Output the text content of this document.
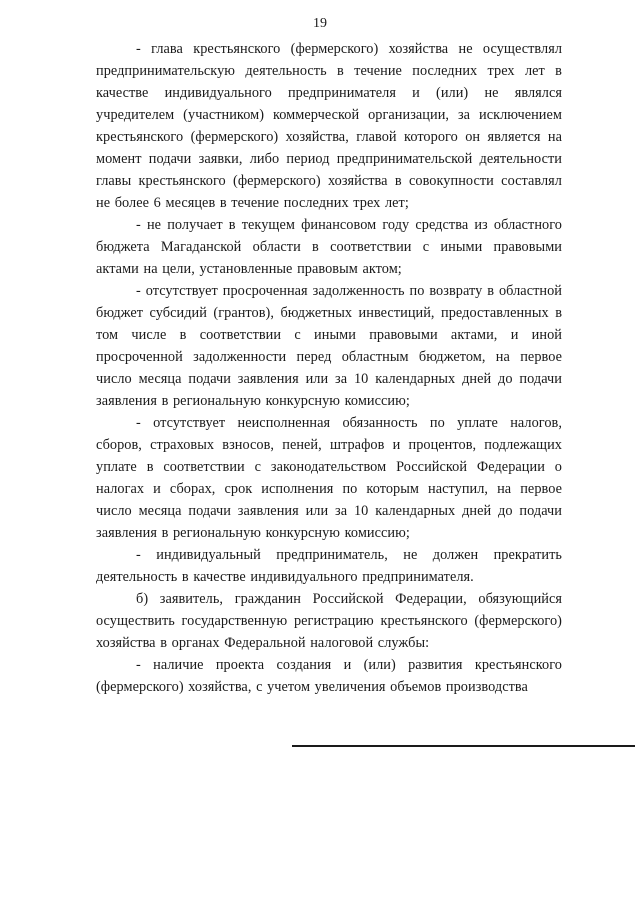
19

- глава крестьянского (фермерского) хозяйства не осуществлял предпринимательскую деятельность в течение последних трех лет в качестве индивидуального предпринимателя и (или) не являлся учредителем (участником) коммерческой организации, за исключением крестьянского (фермерского) хозяйства, главой которого он является на момент подачи заявки, либо период предпринимательской деятельности главы крестьянского (фермерского) хозяйства в совокупности составлял не более 6 месяцев в течение последних трех лет;

- не получает в текущем финансовом году средства из областного бюджета Магаданской области в соответствии с иными правовыми актами на цели, установленные правовым актом;

- отсутствует просроченная задолженность по возврату в областной бюджет субсидий (грантов), бюджетных инвестиций, предоставленных в том числе в соответствии с иными правовыми актами, и иной просроченной задолженности перед областным бюджетом, на первое число месяца подачи заявления или за 10 календарных дней до подачи заявления в региональную конкурсную комиссию;

- отсутствует неисполненная обязанность по уплате налогов, сборов, страховых взносов, пеней, штрафов и процентов, подлежащих уплате в соответствии с законодательством Российской Федерации о налогах и сборах, срок исполнения по которым наступил, на первое число месяца подачи заявления или за 10 календарных дней до подачи заявления в региональную конкурсную комиссию;

- индивидуальный предприниматель, не должен прекратить деятельность в качестве индивидуального предпринимателя.

б) заявитель, гражданин Российской Федерации, обязующийся осуществить государственную регистрацию крестьянского (фермерского) хозяйства в органах Федеральной налоговой службы:

- наличие проекта создания и (или) развития крестьянского (фермерского) хозяйства, с учетом увеличения объемов производства
